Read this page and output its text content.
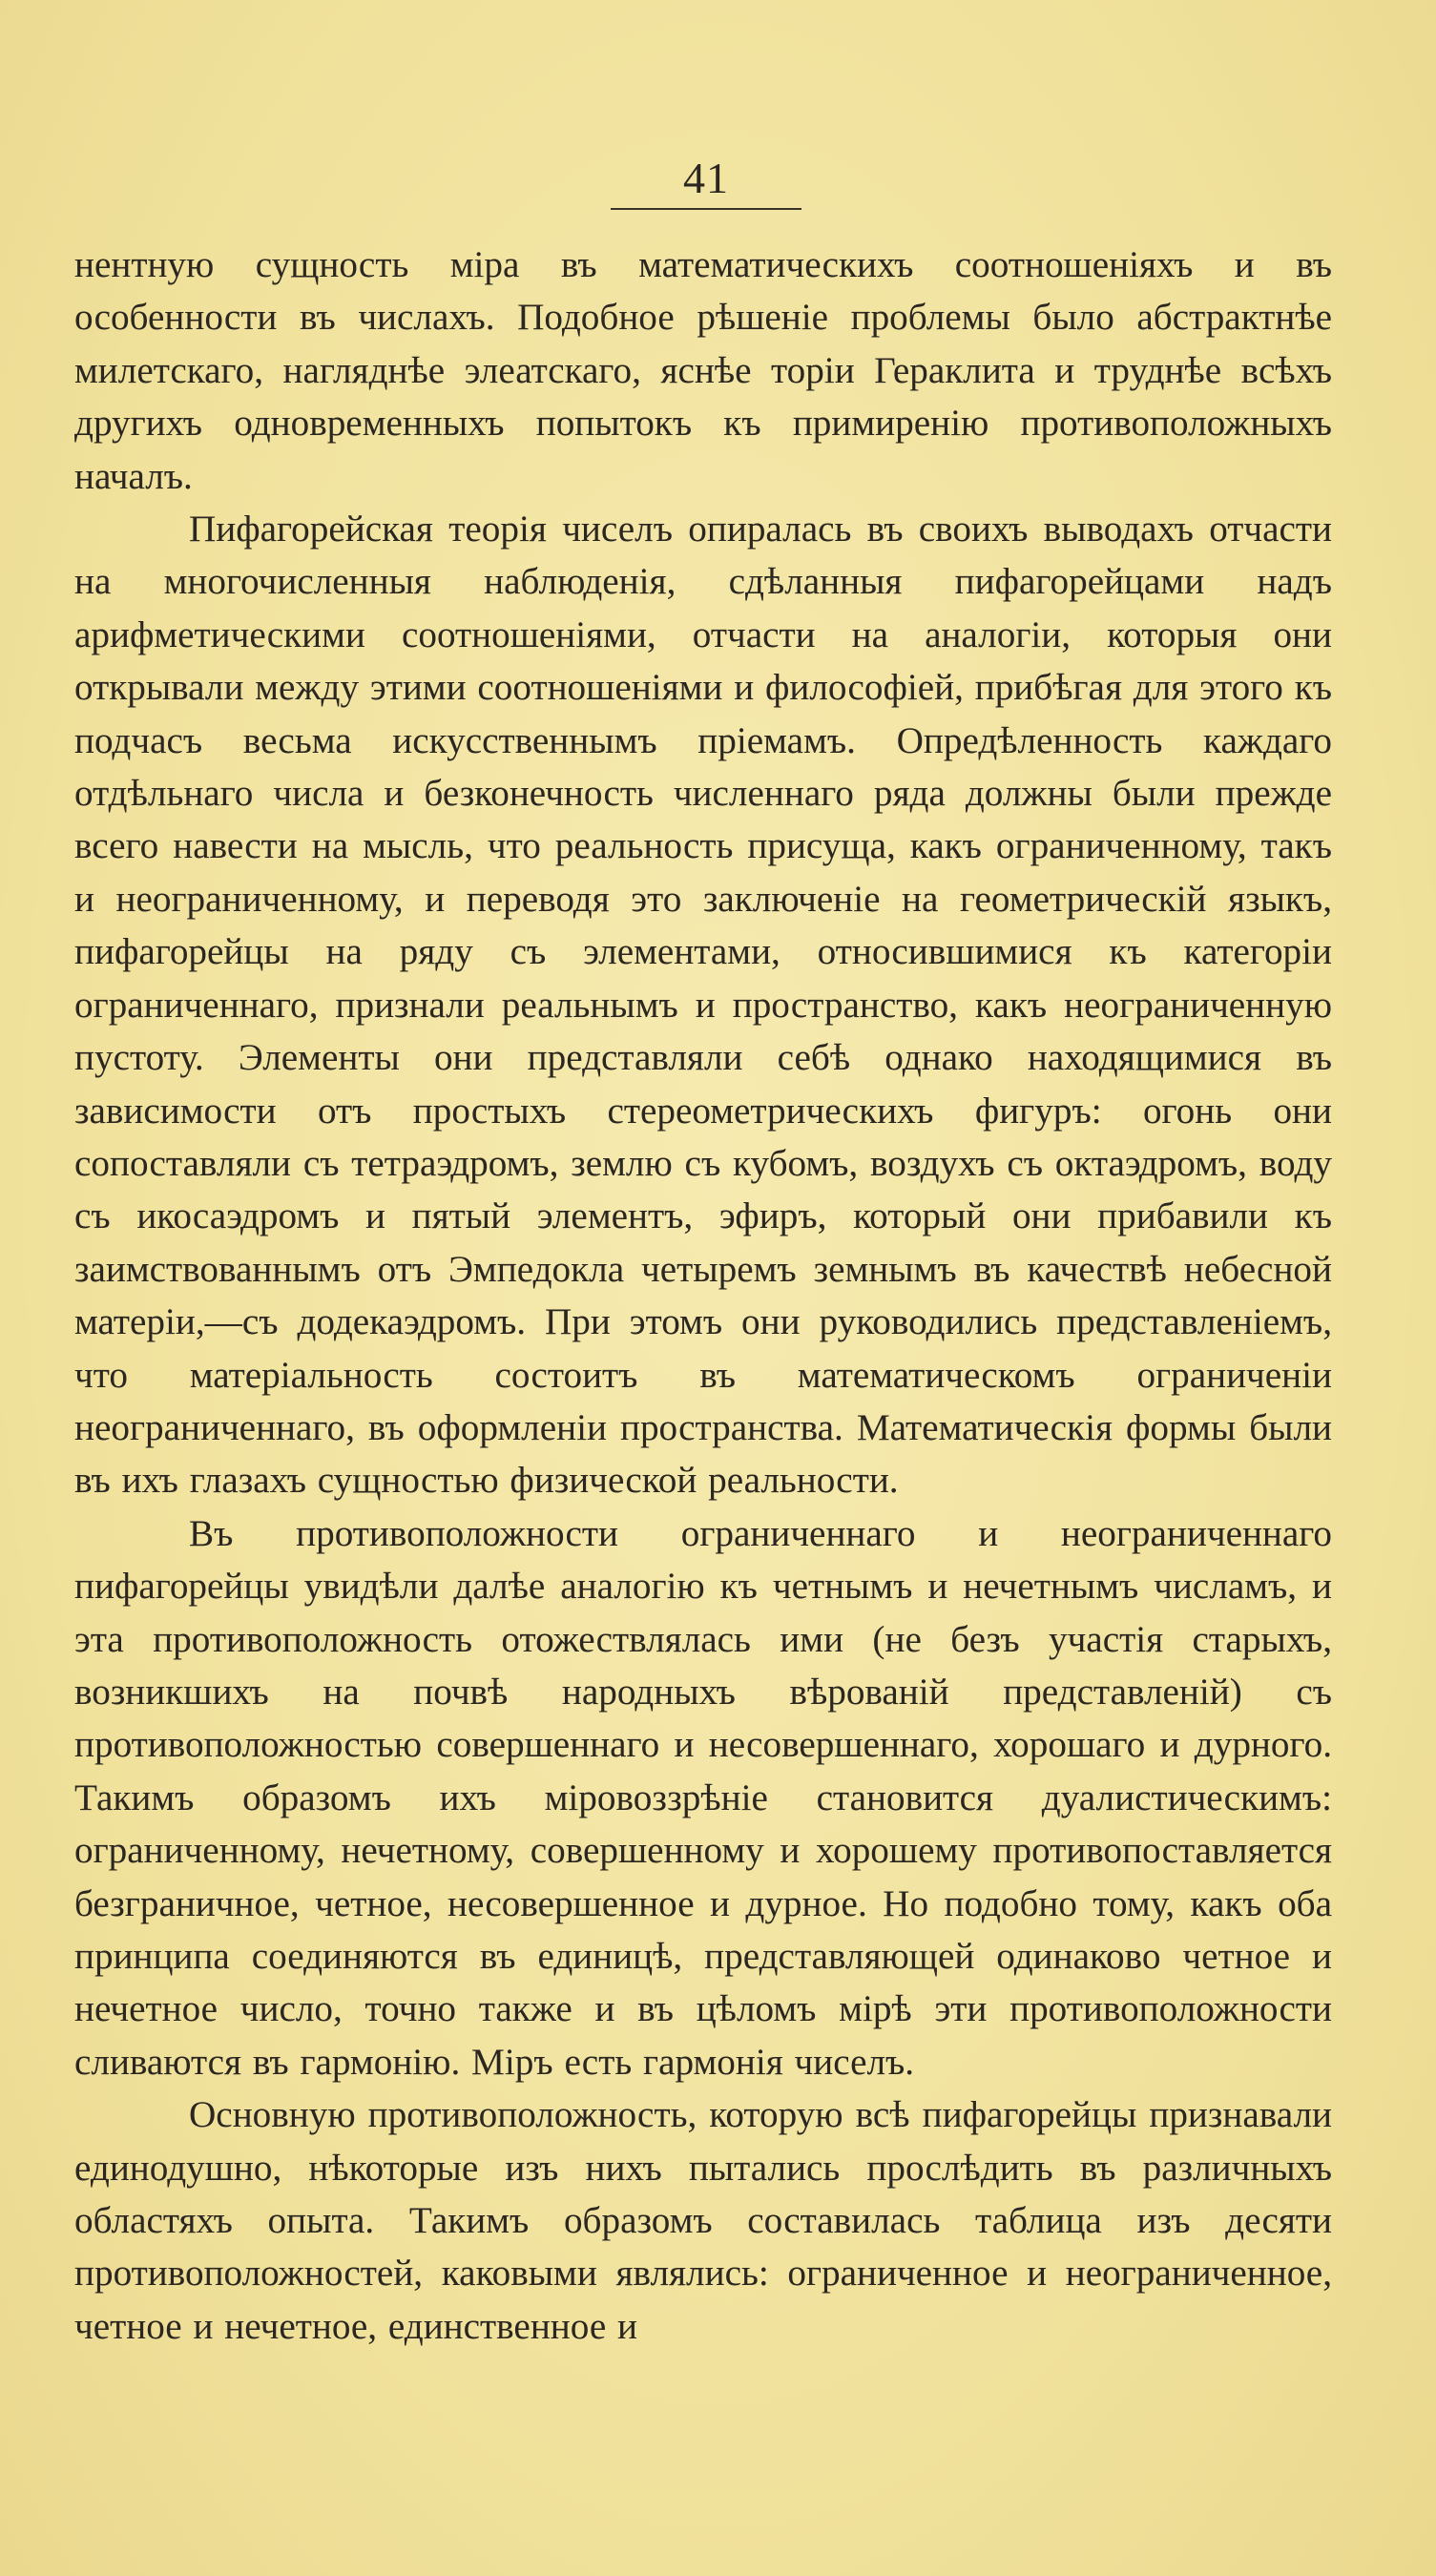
41

нентную сущность міра въ математическихъ соотношеніяхъ и въ особенности въ числахъ. Подобное рѣшеніе проблемы было абстрактнѣе милетскаго, нагляднѣе элеатскаго, яснѣе торіи Гераклита и труднѣе всѣхъ другихъ одновременныхъ попытокъ къ примиренію противоположныхъ началъ.

Пифагорейская теорія чиселъ опиралась въ своихъ выводахъ отчасти на многочисленныя наблюденія, сдѣланныя пифагорейцами надъ арифметическими соотношеніями, отчасти на аналогіи, которыя они открывали между этими соотношеніями и философіей, прибѣгая для этого къ подчасъ весьма искусственнымъ пріемамъ. Опредѣленность каждаго отдѣльнаго числа и безконечность численнаго ряда должны были прежде всего навести на мысль, что реальность присуща, какъ ограниченному, такъ и неограниченному, и переводя это заключеніе на геометрическій языкъ, пифагорейцы на ряду съ элементами, относившимися къ категоріи ограниченнаго, признали реальнымъ и пространство, какъ неограниченную пустоту. Элементы они представляли себѣ однако находящимися въ зависимости отъ простыхъ стереометрическихъ фигуръ: огонь они сопоставляли съ тетраэдромъ, землю съ кубомъ, воздухъ съ октаэдромъ, воду съ икосаэдромъ и пятый элементъ, эфиръ, который они прибавили къ заимствованнымъ отъ Эмпедокла четыремъ земнымъ въ качествѣ небесной матеріи,—съ додекаэдромъ. При этомъ они руководились представленіемъ, что матеріальность состоитъ въ математическомъ ограниченіи неограниченнаго, въ оформленіи пространства. Математическія формы были въ ихъ глазахъ сущностью физической реальности.

Въ противоположности ограниченнаго и неограниченнаго пифагорейцы увидѣли далѣе аналогію къ четнымъ и нечетнымъ числамъ, и эта противоположность отожествлялась ими (не безъ участія старыхъ, возникшихъ на почвѣ народныхъ вѣрованій представленій) съ противоположностью совершеннаго и несовершеннаго, хорошаго и дурного. Такимъ образомъ ихъ міровоззрѣніе становится дуалистическимъ: ограниченному, нечетному, совершенному и хорошему противопоставляется безграничное, четное, несовершенное и дурное. Но подобно тому, какъ оба принципа соединяются въ единицѣ, представляющей одинаково четное и нечетное число, точно также и въ цѣломъ мірѣ эти противоположности сливаются въ гармонію. Міръ есть гармонія чиселъ.

Основную противоположность, которую всѣ пифагорейцы признавали единодушно, нѣкоторые изъ нихъ пытались прослѣдить въ различныхъ областяхъ опыта. Такимъ образомъ составилась таблица изъ десяти противоположностей, каковыми являлись: ограниченное и неограниченное, четное и нечетное, единственное и
